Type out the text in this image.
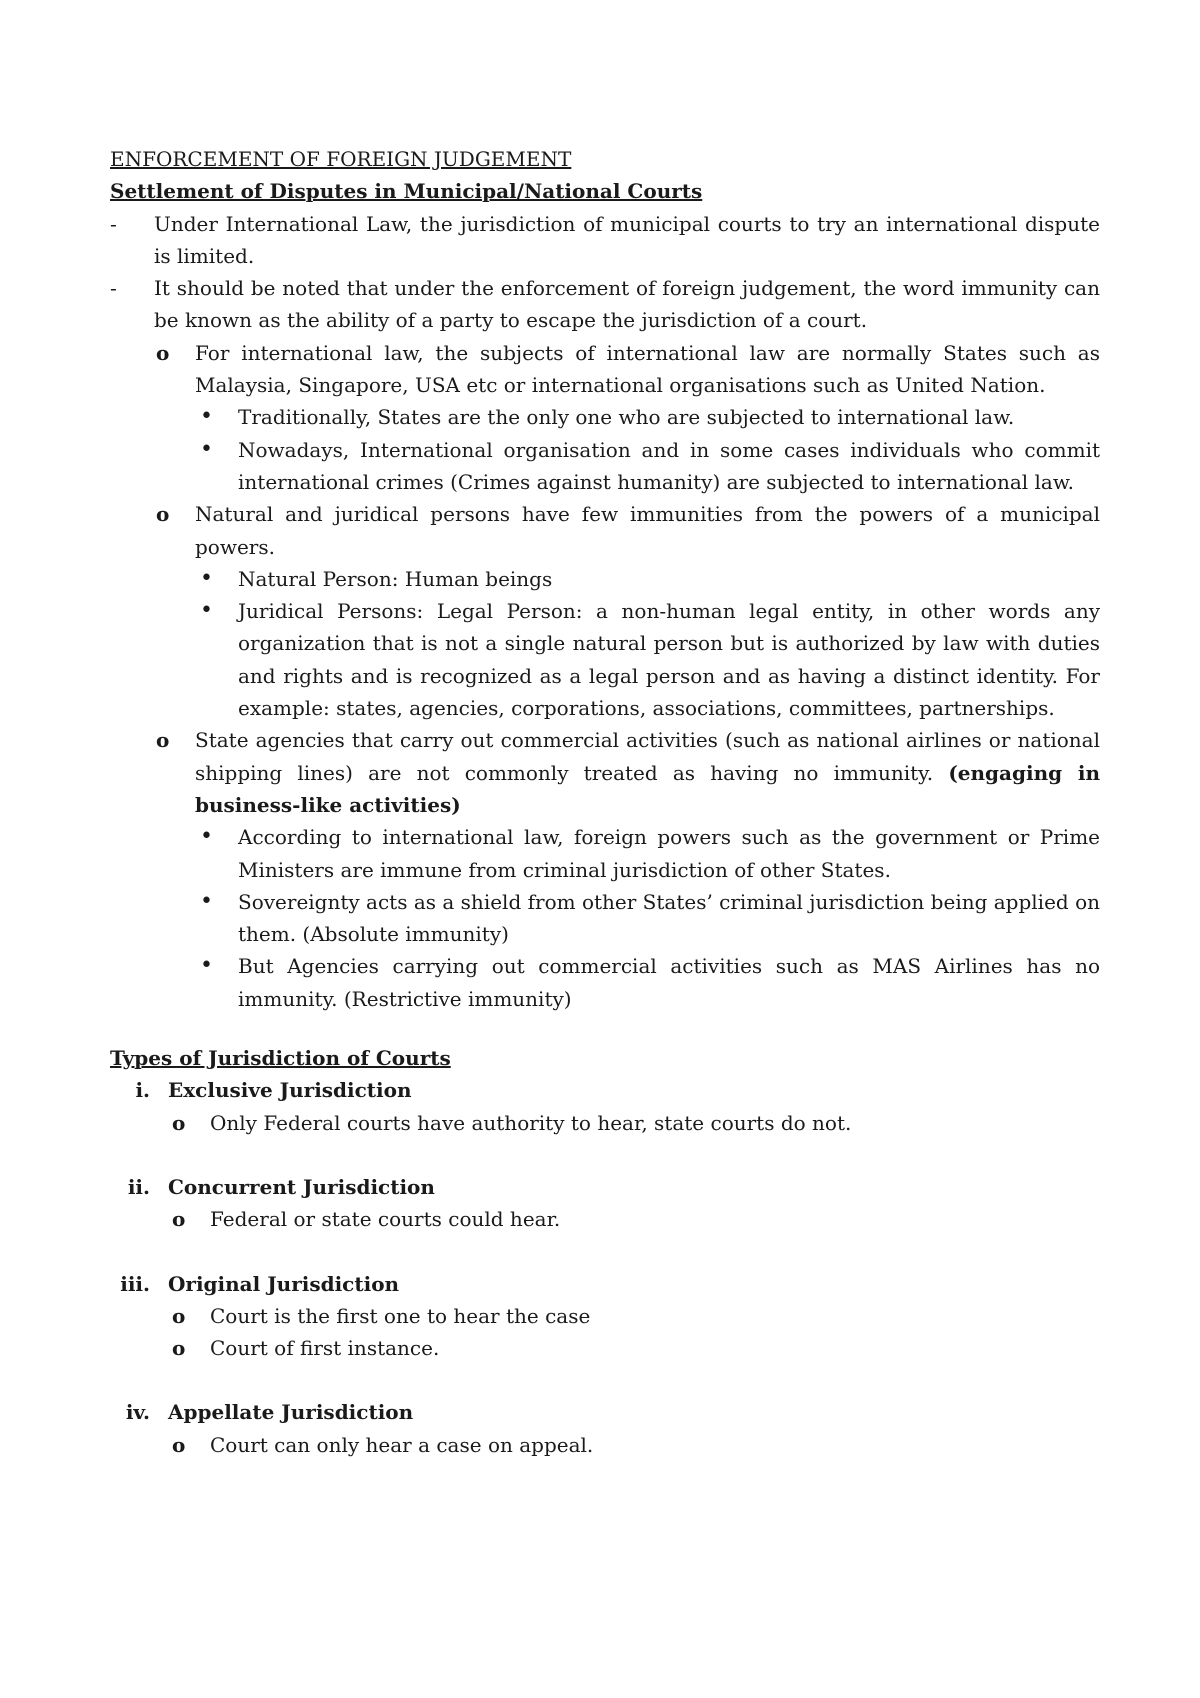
ENFORCEMENT OF FOREIGN JUDGEMENT
Settlement of Disputes in Municipal/National Courts
- Under International Law, the jurisdiction of municipal courts to try an international dispute is limited.
- It should be noted that under the enforcement of foreign judgement, the word immunity can be known as the ability of a party to escape the jurisdiction of a court.
o For international law, the subjects of international law are normally States such as Malaysia, Singapore, USA etc or international organisations such as United Nation.
• Traditionally, States are the only one who are subjected to international law.
• Nowadays, International organisation and in some cases individuals who commit international crimes (Crimes against humanity) are subjected to international law.
o Natural and juridical persons have few immunities from the powers of a municipal powers.
• Natural Person: Human beings
• Juridical Persons: Legal Person: a non-human legal entity, in other words any organization that is not a single natural person but is authorized by law with duties and rights and is recognized as a legal person and as having a distinct identity. For example: states, agencies, corporations, associations, committees, partnerships.
o State agencies that carry out commercial activities (such as national airlines or national shipping lines) are not commonly treated as having no immunity. (engaging in business-like activities)
• According to international law, foreign powers such as the government or Prime Ministers are immune from criminal jurisdiction of other States.
• Sovereignty acts as a shield from other States’ criminal jurisdiction being applied on them. (Absolute immunity)
• But Agencies carrying out commercial activities such as MAS Airlines has no immunity. (Restrictive immunity)
Types of Jurisdiction of Courts
i. Exclusive Jurisdiction
o Only Federal courts have authority to hear, state courts do not.
ii. Concurrent Jurisdiction
o Federal or state courts could hear.
iii. Original Jurisdiction
o Court is the first one to hear the case
o Court of first instance.
iv. Appellate Jurisdiction
o Court can only hear a case on appeal.
